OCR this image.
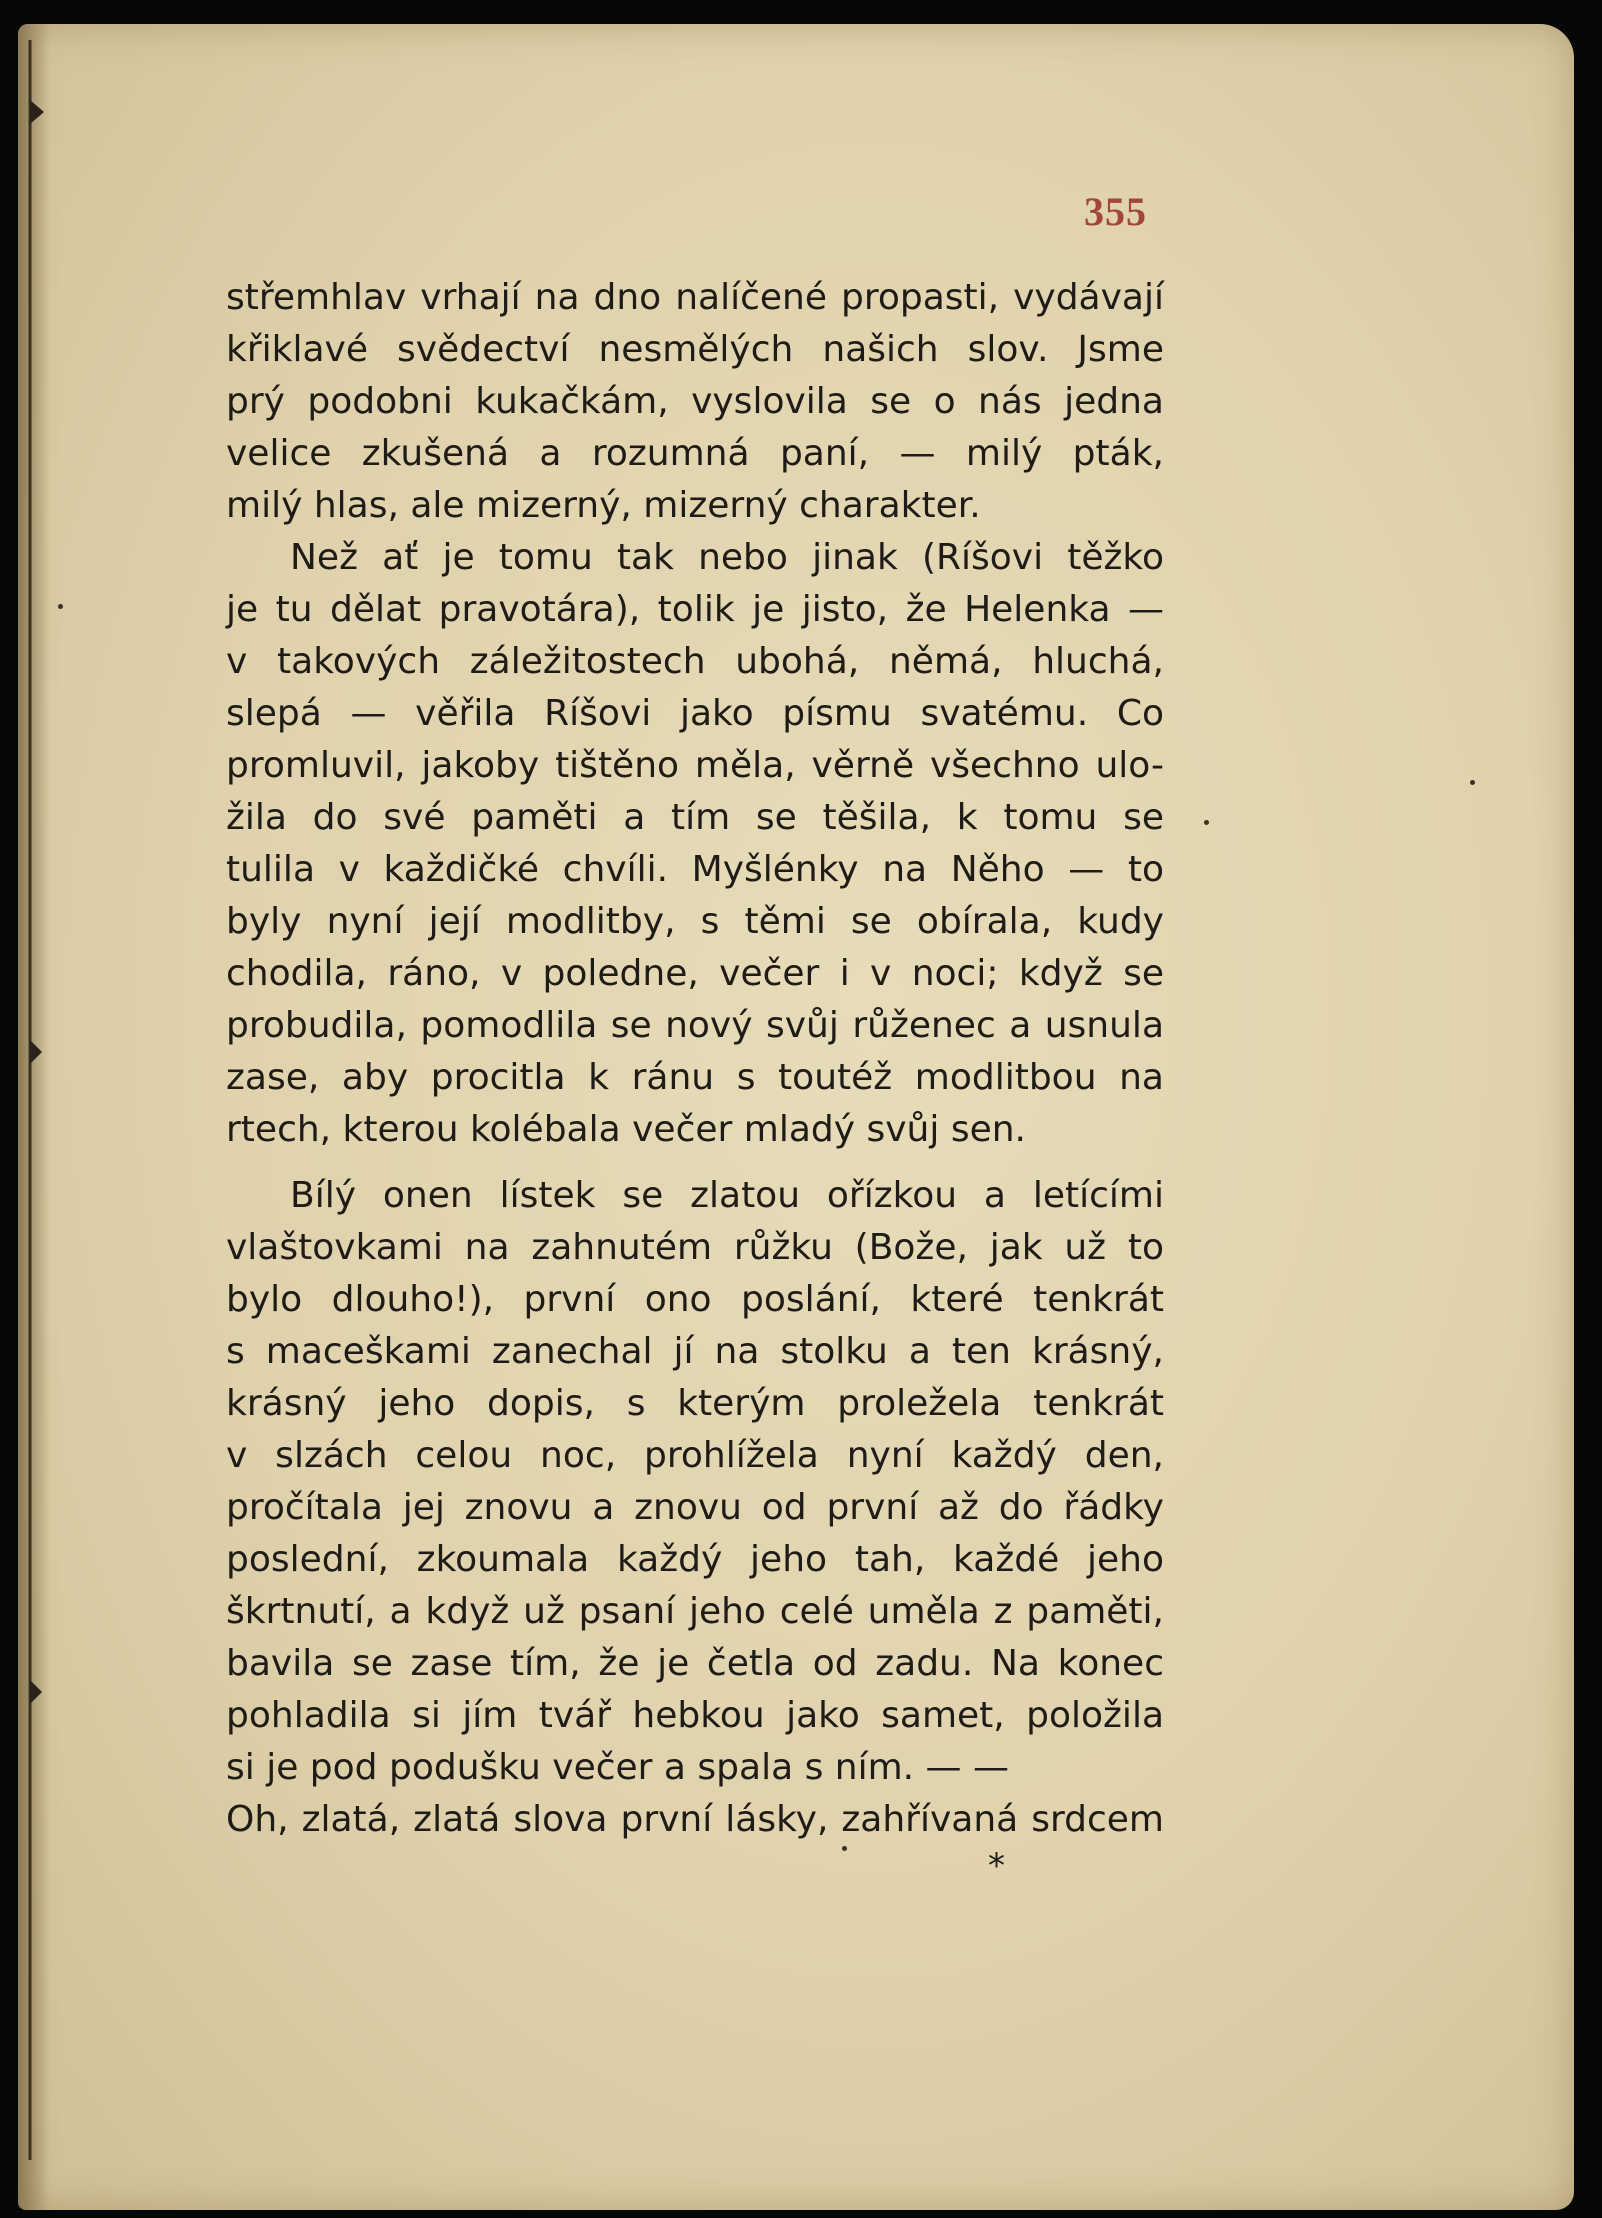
355
střemhlav vrhají na dno nalíčené propasti, vydávají
křiklavé svědectví nesmělých našich slov. Jsme
prý podobni kukačkám, vyslovila se o nás jedna
velice zkušená a rozumná paní, — milý pták,
milý hlas, ale mizerný, mizerný charakter.
Než ať je tomu tak nebo jinak (Ríšovi těžko
je tu dělat pravotára), tolik je jisto, že Helenka —
v takových záležitostech ubohá, němá, hluchá,
slepá — věřila Ríšovi jako písmu svatému. Co
promluvil, jakoby tištěno měla, věrně všechno ulo-
žila do své paměti a tím se těšila, k tomu se
tulila v každičké chvíli. Myšlénky na Něho — to
byly nyní její modlitby, s těmi se obírala, kudy
chodila, ráno, v poledne, večer i v noci; když se
probudila, pomodlila se nový svůj růženec a usnula
zase, aby procitla k ránu s toutéž modlitbou na
rtech, kterou kolébala večer mladý svůj sen.
Bílý onen lístek se zlatou ořízkou a letícími
vlaštovkami na zahnutém růžku (Bože, jak už to
bylo dlouho!), první ono poslání, které tenkrát
s maceškami zanechal jí na stolku a ten krásný,
krásný jeho dopis, s kterým proležela tenkrát
v slzách celou noc, prohlížela nyní každý den,
pročítala jej znovu a znovu od první až do řádky
poslední, zkoumala každý jeho tah, každé jeho
škrtnutí, a když už psaní jeho celé uměla z paměti,
bavila se zase tím, že je četla od zadu. Na konec
pohladila si jím tvář hebkou jako samet, položila
si je pod podušku večer a spala s ním. — —
Oh, zlatá, zlatá slova první lásky, zahřívaná srdcem
*
